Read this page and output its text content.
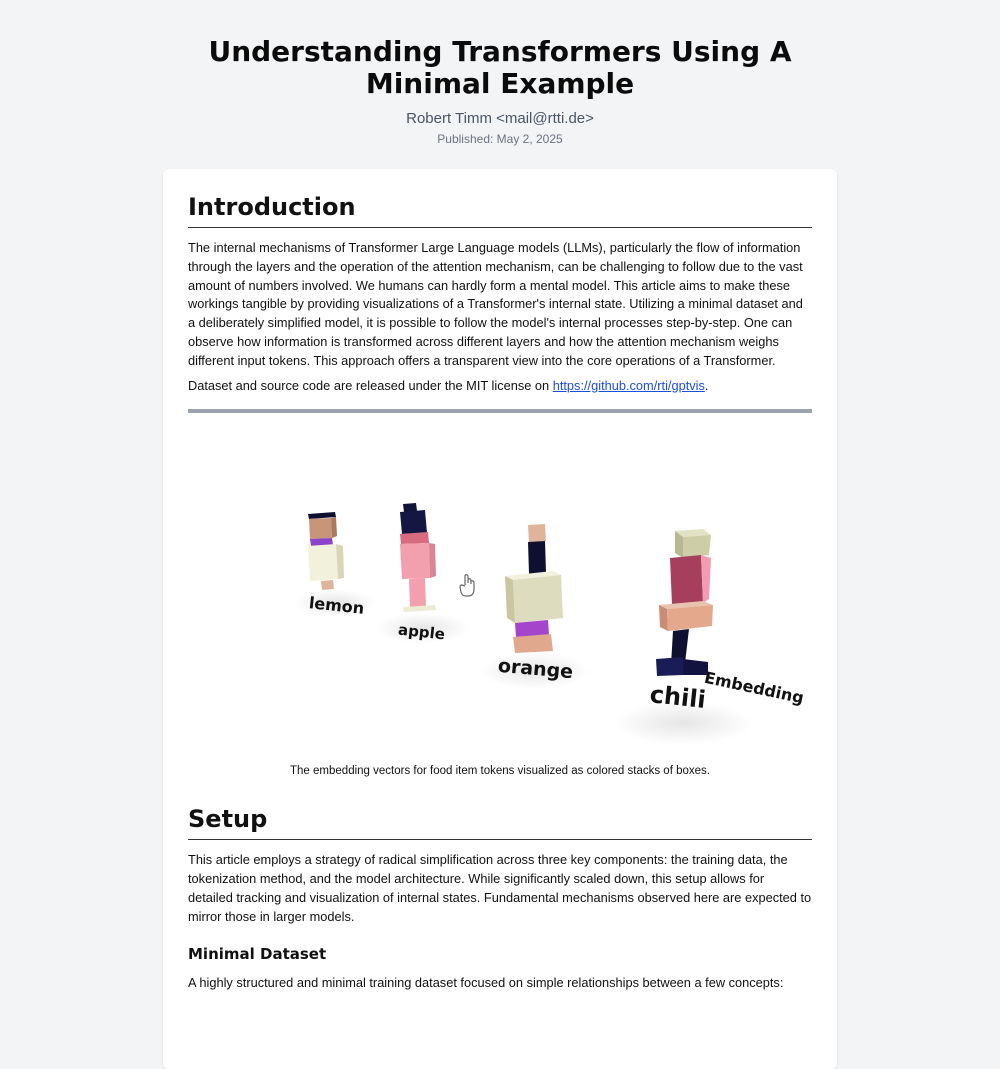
Understanding Transformers Using A Minimal Example
Robert Timm <mail@rtti.de>
Published: May 2, 2025
Introduction

The internal mechanisms of Transformer Large Language models (LLMs), particularly the flow of information through the layers and the operation of the attention mechanism, can be challenging to follow due to the vast amount of numbers involved. We humans can hardly form a mental model. This article aims to make these workings tangible by providing visualizations of a Transformer's internal state. Utilizing a minimal dataset and a deliberately simplified model, it is possible to follow the model's internal processes step-by-step. One can observe how information is transformed across different layers and how the attention mechanism weighs different input tokens. This approach offers a transparent view into the core operations of a Transformer.

Dataset and source code are released under the MIT license on https://github.com/rti/gptvis.

lemon
apple
orange
chili
Embedding
The embedding vectors for food item tokens visualized as colored stacks of boxes.
Setup

This article employs a strategy of radical simplification across three key components: the training data, the tokenization method, and the model architecture. While significantly scaled down, this setup allows for detailed tracking and visualization of internal states. Fundamental mechanisms observed here are expected to mirror those in larger models.

Minimal Dataset

A highly structured and minimal training dataset focused on simple relationships between a few concepts:
